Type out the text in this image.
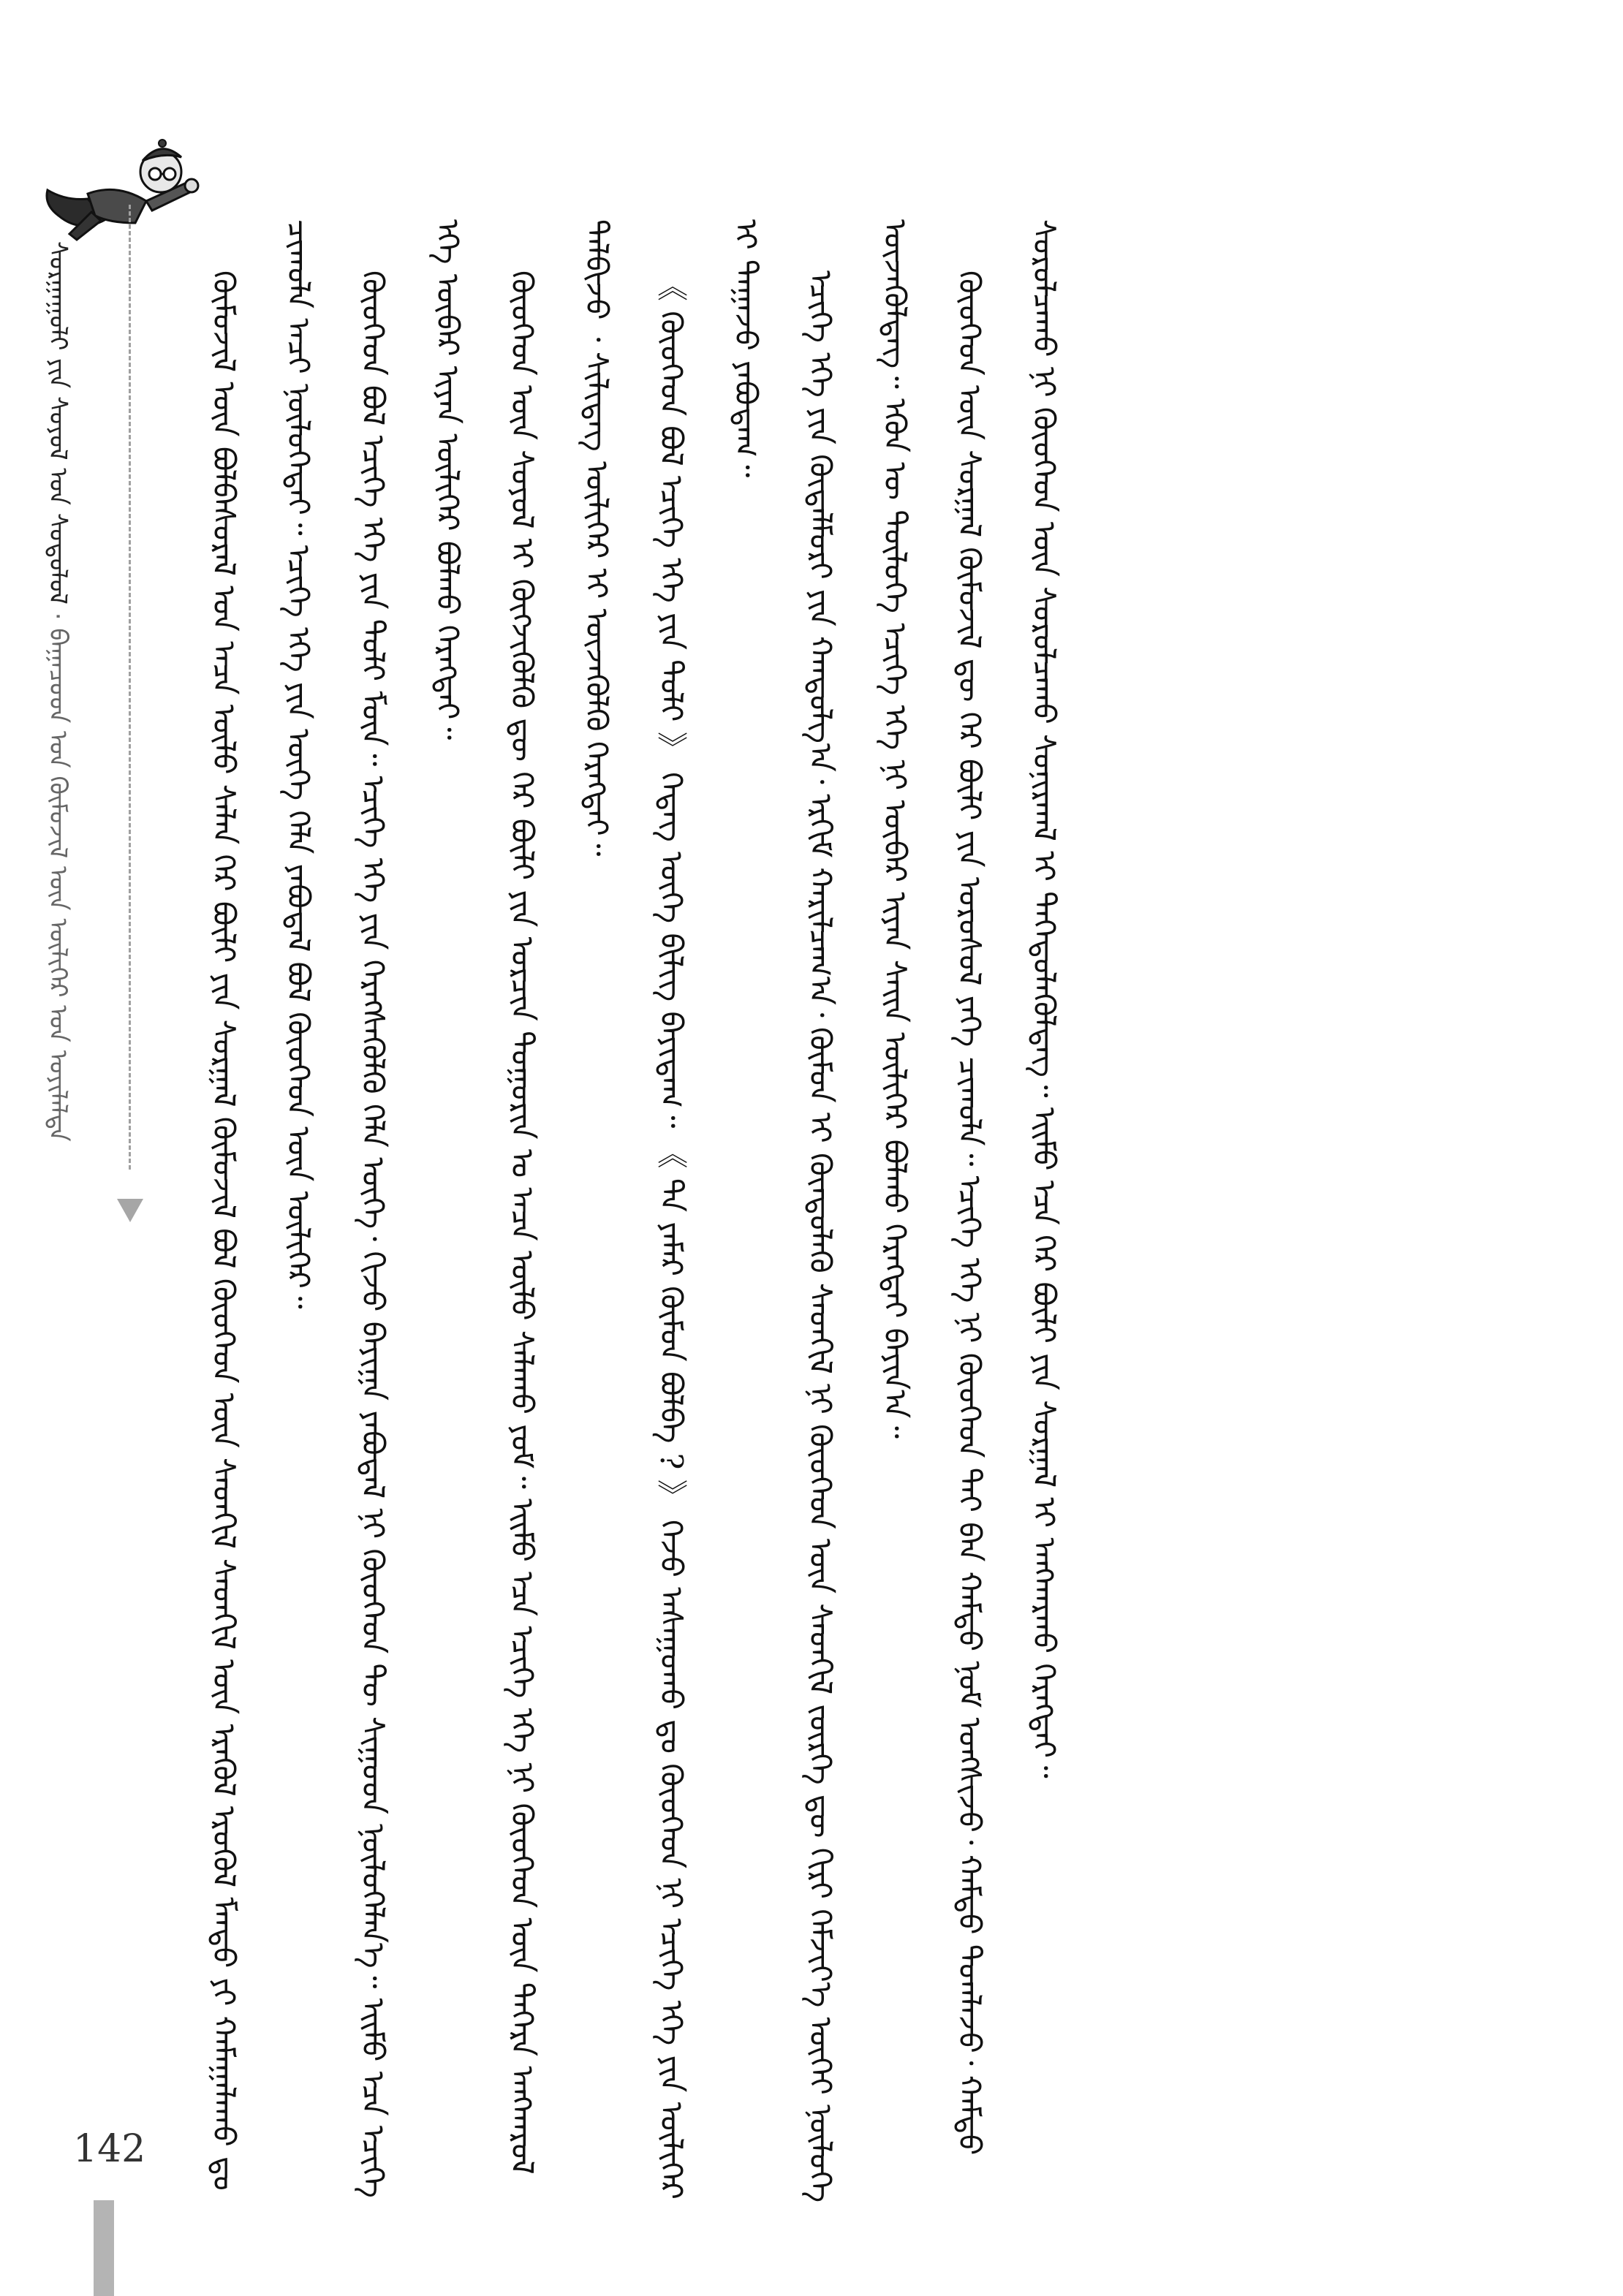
ᠰᠤᠷᠭᠠᠭᠤᠯᠢ ᠶᠢᠨ ᠰᠣᠶᠣᠯ ᠤᠨ ᠰᠤᠳᠤᠯᠤᠯ · ᠪᠠᠭᠠᠴᠤᠳ ᠤᠨ ᠬᠦᠮᠦᠵᠢᠯ ᠦᠨ ᠦᠯᠢᠭᠡᠷ ᠤᠨ ᠣᠶᠢᠯᠠᠯᠲᠠ	ᠬᠦᠮᠦᠵᠢᠯ ᠦᠨ ᠪᠣᠯᠪᠠᠰᠤᠷᠠᠯ ᠤᠨ ᠠᠴᠠ ᠦᠯᠦ ᠰᠠᠯᠠᠨ ᠭᠡᠷ ᠪᠦᠯᠢ ᠶᠢᠨ ᠰᠤᠷᠭᠠᠯ ᠬᠦᠮᠦᠵᠢᠯ ᠪᠣᠯ ᠬᠦᠦᠬᠡᠳ ᠦᠨ ᠰᠡᠳᠬᠢᠯ ᠰᠡᠳᠬᠢᠯ ᠦᠨ ᠡᠷᠡᠬᠦᠯ ᠡᠷᠦᠬᠦᠯ ᠮᠡᠨᠳᠦ ᠶᠢ ᠬᠠᠮᠠᠭᠠᠯᠠᠬᠤ ᠳᠤ ᠴᠢᠬᠤᠯᠠ ᠠᠴᠢ ᠨᠥᠯᠥᠭᠡᠲᠡᠢ᠃ ᠡᠴᠢᠭᠡ ᠡᠬᠡ ᠶᠢᠨ ᠦᠭᠡ ᠬᠡᠯᠡ ᠶᠠᠪᠤᠳᠠᠯ ᠪᠣᠯ ᠬᠦᠦᠬᠡᠳ ᠦᠨ ᠦᠯᠢᠭᠡᠷ᠃	ᠬᠦᠦᠬᠡᠳ ᠪᠣᠯ ᠡᠴᠢᠭᠡ ᠡᠬᠡ ᠶᠢᠨ ᠲᠣᠯᠢ ᠮᠥᠨ᠃ ᠡᠴᠢᠭᠡ ᠡᠬᠡ ᠶᠢᠨ ᠬᠡᠷᠡᠭᠰᠡᠭᠦᠯᠬᠦ ᠬᠡᠯᠡ ᠦᠭᠡ᠂ ᠬᠢᠵᠦ ᠪᠠᠶᠢᠭᠠ ᠶᠠᠪᠤᠳᠠᠯ ᠨᠢ ᠬᠦᠦᠬᠡᠳ ᠲᠦ ᠰᠢᠭᠤᠳ ᠨᠥᠯᠥᠭᠡᠯᠡᠨ᠎ᠡ᠃ ᠡᠢᠮᠦ ᠡᠴᠡ ᠡᠴᠢᠭᠡ ᠡᠬᠡ ᠥᠪᠡᠷ ᠢᠶᠡᠨ ᠦᠯᠢᠭᠡᠷ ᠪᠣᠯᠬᠤ ᠬᠡᠷᠡᠭᠲᠡᠢ᠃	ᠬᠦᠦᠬᠡᠳ ᠦᠨ ᠰᠣᠶᠣᠯ ᠢ ᠬᠥᠭᠵᠢᠭᠦᠯᠬᠦ ᠳᠦ ᠭᠡᠷ ᠪᠦᠯᠢ ᠶᠢᠨ ᠣᠷᠴᠢᠨ ᠲᠣᠭᠣᠷᠢᠨ ᠤ ᠠᠴᠠ ᠦᠯᠦ ᠰᠠᠯᠠᠬᠤ ᠶᠤᠮ᠃ ᠡᠢᠮᠦ ᠡᠴᠡ ᠡᠴᠢᠭᠡ ᠡᠬᠡ ᠨᠢ ᠬᠦᠦᠬᠡᠳ ᠦᠨ ᠳᠡᠭᠡᠷᠡ ᠠᠩᠬᠠᠷᠤᠯ ᠲᠠᠯᠪᠢᠵᠤ ᠂ ᠰᠢᠯᠢᠳᠡᠭ ᠦᠯᠢᠭᠡᠷ ᠢ ᠦᠵᠡᠭᠦᠯᠬᠦ ᠬᠡᠷᠡᠭᠲᠡᠢ᠃	《 ᠬᠦᠦᠬᠡᠳ ᠪᠣᠯ ᠡᠴᠢᠭᠡ ᠡᠬᠡ ᠶᠢᠨ ᠲᠣᠯᠢ 》 ᠭᠡᠳᠡᠭ ᠦᠭᠡ ᠪᠢᠯᠢᠭ ᠪᠠᠶᠢᠳᠠᠭ᠃ 《 ᠲᠠ ᠶᠠᠮᠠᠷ ᠬᠦᠮᠦᠨ ᠪᠣᠯᠪᠠ ? 》 ᠭᠡᠵᠦ ᠠᠰᠠᠭᠤᠬᠤ ᠳᠤ ᠬᠦᠦᠬᠡᠳ ᠨᠢ ᠡᠴᠢᠭᠡ ᠡᠬᠡ ᠶᠢᠨ ᠦᠯᠢᠭᠡᠷ ᠢ ᠳᠠᠭᠠᠵᠤ ᠶᠠᠪᠤᠳᠠᠭ᠃	ᠡᠴᠢᠭᠡ ᠡᠬᠡ ᠶᠢᠨ ᠬᠥᠳᠡᠯᠮᠦᠷᠢ ᠶᠢᠨ ᠬᠠᠨᠳᠤᠯᠭ᠎ᠠ᠂ ᠡᠷᠬᠢᠮ ᠬᠠᠷᠢᠯᠴᠠᠭ᠎ᠠ᠂ ᠬᠦᠮᠦᠨ ᠢ ᠬᠦᠨᠳᠦᠯᠡᠬᠦ ᠰᠡᠳᠬᠢᠯ ᠨᠢ ᠬᠦᠦᠬᠡᠳ ᠦᠨ ᠰᠡᠳᠬᠢᠯ ᠵᠦᠷᠬᠡ ᠳᠦ ᠬᠢᠷᠢ ᠬᠡᠮᠵᠢᠶ᠎ᠡ ᠦᠭᠡᠢ ᠨᠥᠯᠥᠭᠡ ᠦᠵᠡᠭᠦᠯᠳᠡᠭ᠃ ᠡᠭᠦᠨ ᠦ ᠲᠥᠯᠦᠭᠡ ᠡᠴᠢᠭᠡ ᠡᠬᠡ ᠨᠢ ᠥᠪᠡᠷ ᠢᠶᠡᠨ ᠰᠠᠢᠨ ᠦᠯᠢᠭᠡᠷ ᠪᠣᠯᠬᠤ ᠬᠡᠷᠡᠭᠲᠡᠢ ᠪᠠᠶᠢᠨ᠎ᠠ᠃	ᠬᠦᠦᠬᠡᠳ ᠦᠨ ᠰᠤᠷᠭᠠᠯ ᠬᠦᠮᠦᠵᠢᠯ ᠳᠦ ᠭᠡᠷ ᠪᠦᠯᠢ ᠶᠢᠨ ᠤᠷᠤᠰᠤᠯ ᠶᠡᠬᠡ ᠴᠢᠬᠤᠯᠠ᠃ ᠡᠴᠢᠭᠡ ᠡᠬᠡ ᠨᠢ ᠬᠦᠦᠬᠡᠳ ᠲᠡᠢ ᠪᠡᠨ ᠬᠠᠮᠲᠤ ᠨᠣᠮ ᠤᠩᠰᠢᠵᠤ᠂ ᠬᠠᠮᠲᠤ ᠲᠣᠭᠯᠠᠵᠤ᠂ ᠬᠠᠮᠲᠤ ᠰᠤᠷᠤᠯᠴᠠᠬᠤ ᠨᠢ ᠬᠦᠦᠬᠡᠳ ᠦᠨ ᠰᠤᠷᠤᠯᠴᠠᠬᠤ ᠰᠣᠨᠢᠷᠬᠠᠯ ᠢ ᠳᠡᠭᠡᠳᠦᠯᠡᠭᠦᠯᠳᠡᠭ᠃ ᠡᠢᠮᠦ ᠡᠴᠡ ᠭᠡᠷ ᠪᠦᠯᠢ ᠶᠢᠨ ᠰᠤᠷᠭᠠᠯ ᠢ ᠠᠩᠬᠠᠷᠬᠤ ᠬᠡᠷᠡᠭᠲᠡᠢ᠃

142
